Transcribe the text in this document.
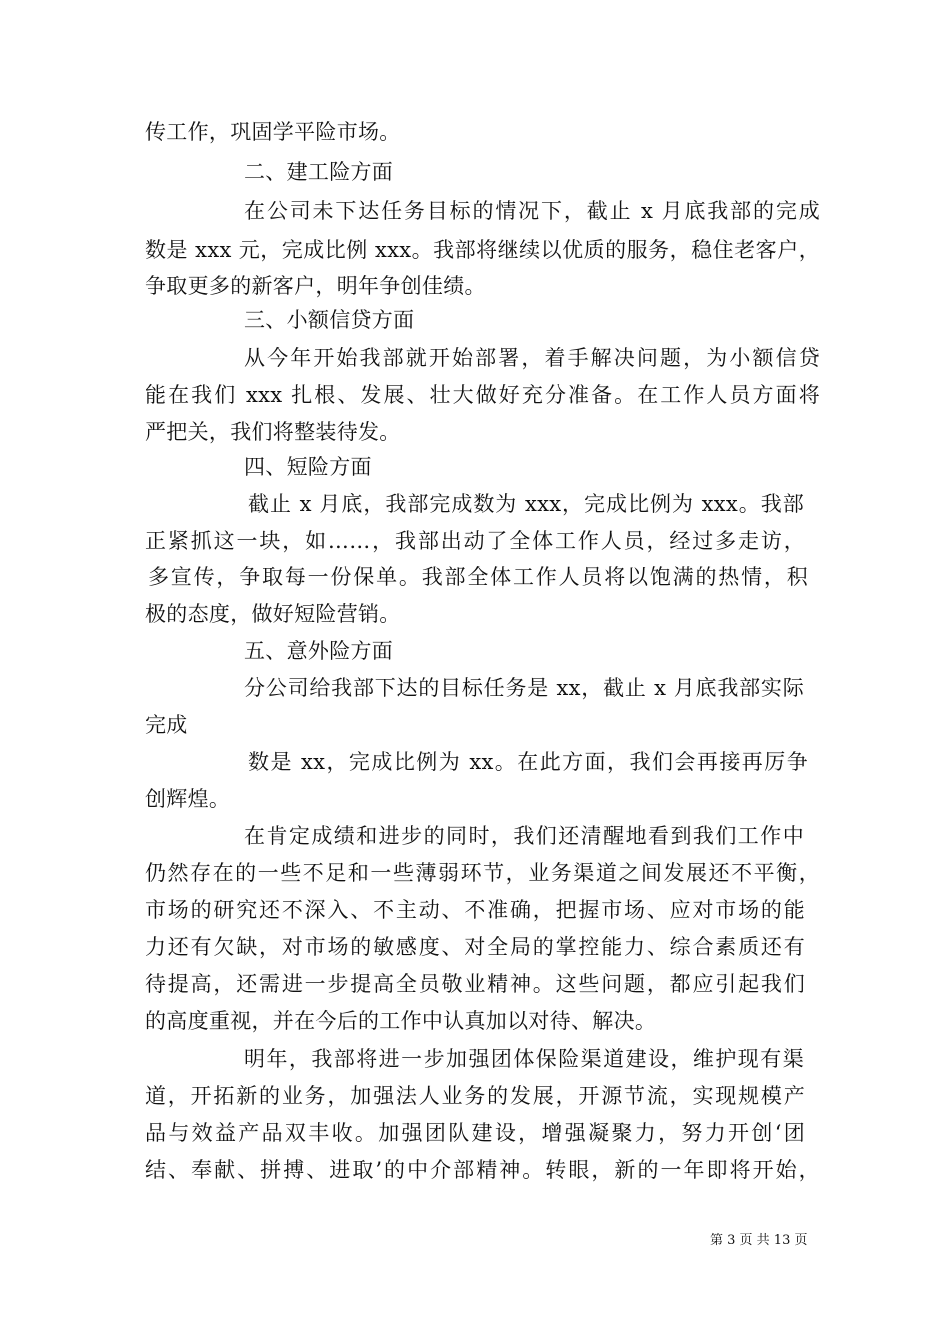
传工作，巩固学平险市场。
二、建工险方面
在公司未下达任务目标的情况下，截止 x 月底我部的完成
数是 xxx 元，完成比例 xxx。我部将继续以优质的服务，稳住老客户，
争取更多的新客户，明年争创佳绩。
三、小额信贷方面
从今年开始我部就开始部署，着手解决问题，为小额信贷
能在我们 xxx 扎根、发展、壮大做好充分准备。在工作人员方面将
严把关，我们将整装待发。
四、短险方面
截止 x 月底，我部完成数为 xxx，完成比例为 xxx。我部
正紧抓这一块，如……，我部出动了全体工作人员，经过多走访，
多宣传，争取每一份保单。我部全体工作人员将以饱满的热情，积
极的态度，做好短险营销。
五、意外险方面
分公司给我部下达的目标任务是 xx，截止 x 月底我部实际
完成
数是 xx，完成比例为 xx。在此方面，我们会再接再厉争
创辉煌。
在肯定成绩和进步的同时，我们还清醒地看到我们工作中
仍然存在的一些不足和一些薄弱环节，业务渠道之间发展还不平衡，
市场的研究还不深入、不主动、不准确，把握市场、应对市场的能
力还有欠缺，对市场的敏感度、对全局的掌控能力、综合素质还有
待提高，还需进一步提高全员敬业精神。这些问题，都应引起我们
的高度重视，并在今后的工作中认真加以对待、解决。
明年，我部将进一步加强团体保险渠道建设，维护现有渠
道，开拓新的业务，加强法人业务的发展，开源节流，实现规模产
品与效益产品双丰收。加强团队建设，增强凝聚力，努力开创‘团
结、奉献、拼搏、进取’的中介部精神。转眼，新的一年即将开始，
第 3 页 共 13 页
